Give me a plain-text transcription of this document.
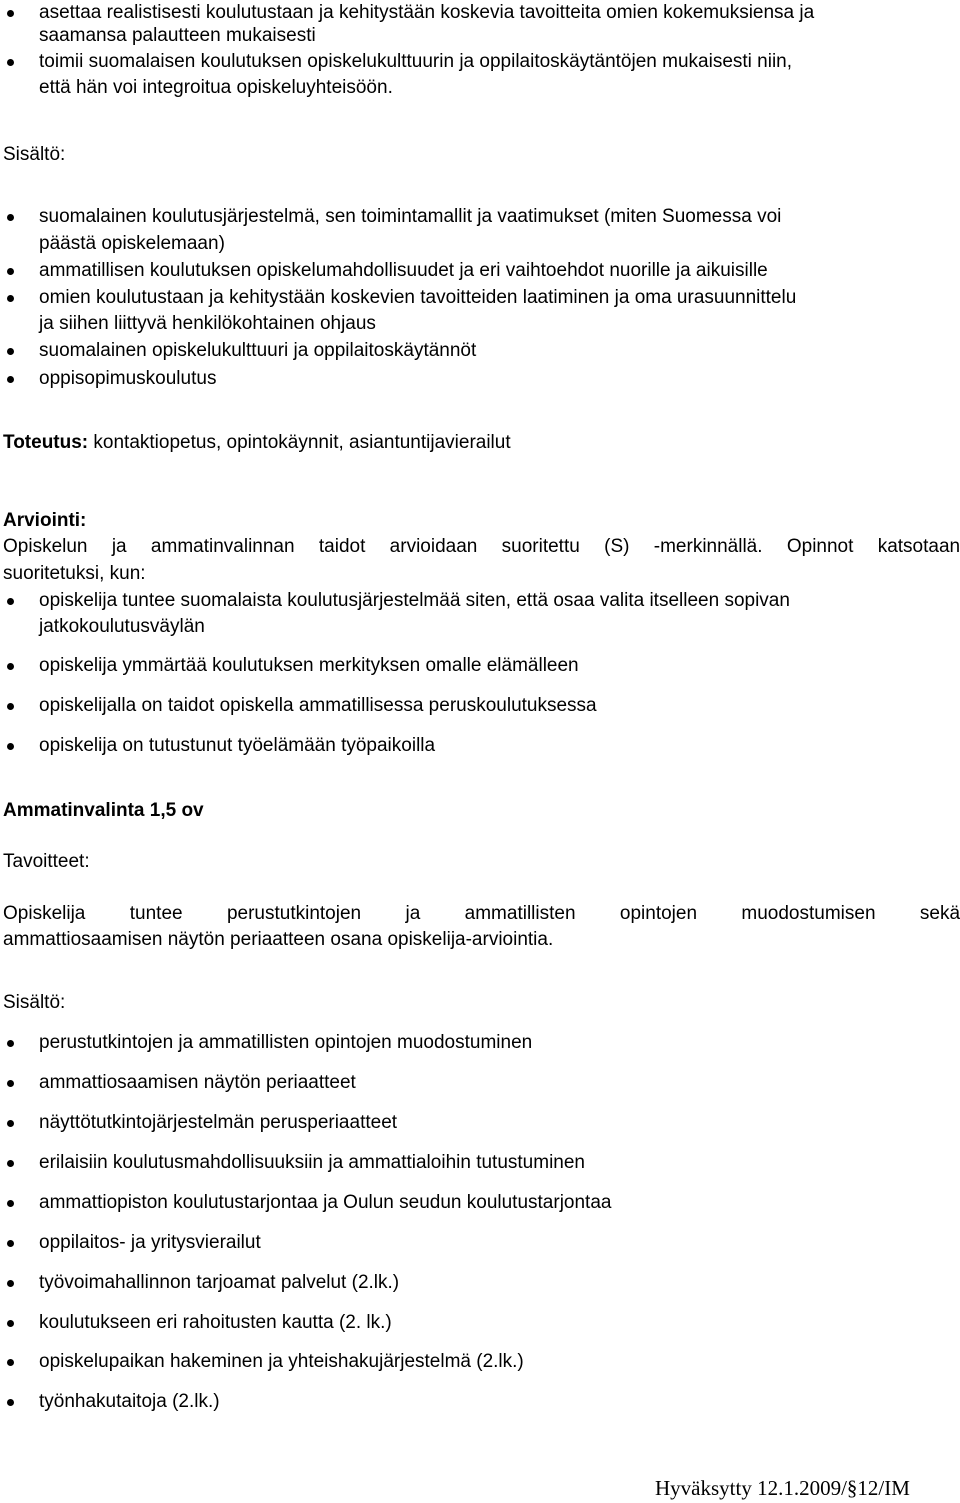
asettaa realistisesti koulutustaan ja kehitystään koskevia tavoitteita omien kokemuksiensa ja
saamansa palautteen mukaisesti
toimii suomalaisen koulutuksen opiskelukulttuurin ja oppilaitoskäytäntöjen mukaisesti niin,
että hän voi integroitua opiskeluyhteisöön.
Sisältö:
suomalainen koulutusjärjestelmä, sen toimintamallit ja vaatimukset (miten Suomessa voi
päästä opiskelemaan)
ammatillisen koulutuksen opiskelumahdollisuudet ja eri vaihtoehdot nuorille ja aikuisille
omien koulutustaan ja kehitystään koskevien tavoitteiden laatiminen ja oma urasuunnittelu
ja siihen liittyvä henkilökohtainen ohjaus
suomalainen opiskelukulttuuri ja oppilaitoskäytännöt
oppisopimuskoulutus
Toteutus: kontaktiopetus, opintokäynnit, asiantuntijavierailut
Arviointi:
Opiskelun ja ammatinvalinnan taidot arvioidaan suoritettu (S) -merkinnällä. Opinnot katsotaan
suoritetuksi, kun:
opiskelija tuntee suomalaista koulutusjärjestelmää siten, että osaa valita itselleen sopivan
jatkokoulutusväylän
opiskelija ymmärtää koulutuksen merkityksen omalle elämälleen
opiskelijalla on taidot opiskella ammatillisessa peruskoulutuksessa
opiskelija on tutustunut työelämään työpaikoilla
Ammatinvalinta 1,5 ov
Tavoitteet:
Opiskelija tuntee perustutkintojen ja ammatillisten opintojen muodostumisen sekä
ammattiosaamisen näytön periaatteen osana opiskelija-arviointia.
Sisältö:
perustutkintojen ja ammatillisten opintojen muodostuminen
ammattiosaamisen näytön periaatteet
näyttötutkintojärjestelmän perusperiaatteet
erilaisiin koulutusmahdollisuuksiin ja ammattialoihin tutustuminen
ammattiopiston koulutustarjontaa ja Oulun seudun koulutustarjontaa
oppilaitos- ja yritysvierailut
työvoimahallinnon tarjoamat palvelut (2.lk.)
koulutukseen eri rahoitusten kautta (2. lk.)
opiskelupaikan hakeminen ja yhteishakujärjestelmä (2.lk.)
työnhakutaitoja (2.lk.)
Hyväksytty 12.1.2009/§12/IM
